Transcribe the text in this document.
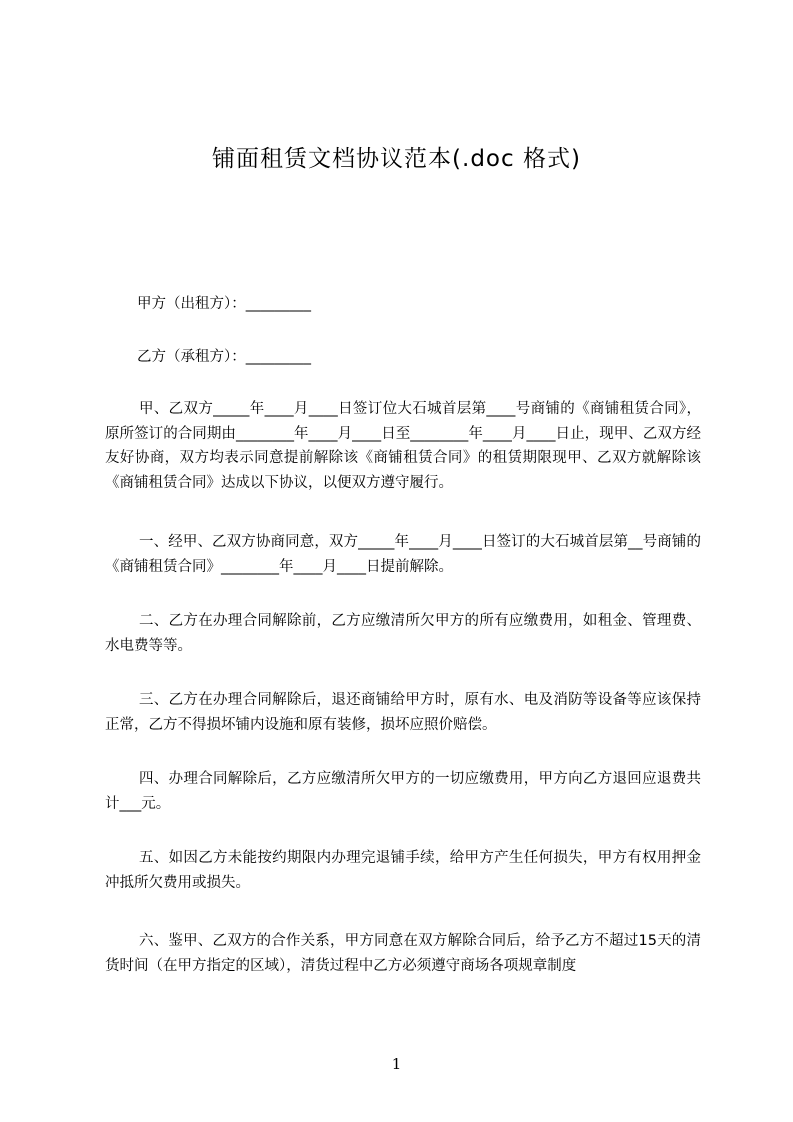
铺面租赁文档协议范本(.doc 格式)
甲方（出租方）：_________
乙方（承租方）：_________
甲、乙双方_____年____月____日签订位大石城首层第____号商铺的《商铺租赁合同》，原所签订的合同期由________年____月____日至________年____月____日止，现甲、乙双方经友好协商，双方均表示同意提前解除该《商铺租赁合同》的租赁期限现甲、乙双方就解除该《商铺租赁合同》达成以下协议，以便双方遵守履行。
一、经甲、乙双方协商同意，双方_____年____月____日签订的大石城首层第__号商铺的《商铺租赁合同》________年____月____日提前解除。
二、乙方在办理合同解除前，乙方应缴清所欠甲方的所有应缴费用，如租金、管理费、水电费等等。
三、乙方在办理合同解除后，退还商铺给甲方时，原有水、电及消防等设备等应该保持正常，乙方不得损坏铺内设施和原有装修，损坏应照价赔偿。
四、办理合同解除后，乙方应缴清所欠甲方的一切应缴费用，甲方向乙方退回应退费共计___元。
五、如因乙方未能按约期限内办理完退铺手续，给甲方产生任何损失，甲方有权用押金冲抵所欠费用或损失。
六、鉴甲、乙双方的合作关系，甲方同意在双方解除合同后，给予乙方不超过15天的清货时间（在甲方指定的区域），清货过程中乙方必须遵守商场各项规章制度
1
